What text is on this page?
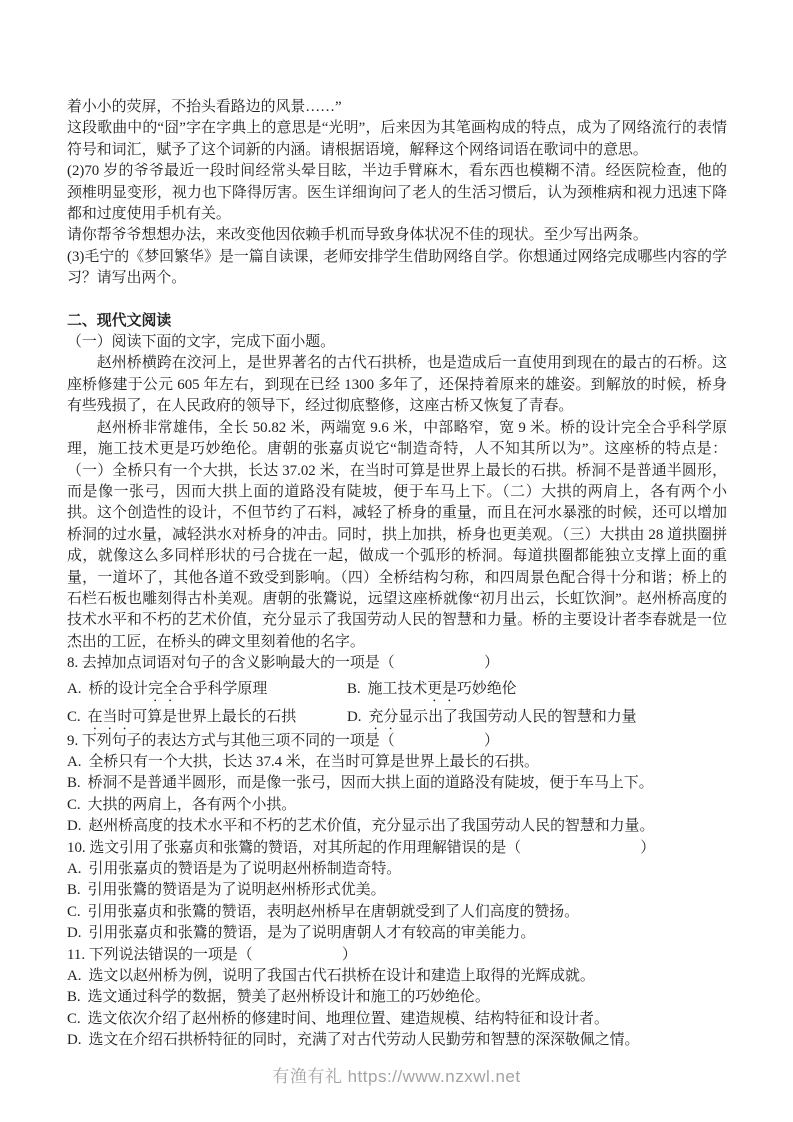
着小小的荧屏，不抬头看路边的风景……”

这段歌曲中的“囧”字在字典上的意思是“光明”，后来因为其笔画构成的特点，成为了网络流行的表情符号和词汇，赋予了这个词新的内涵。请根据语境，解释这个网络词语在歌词中的意思。

(2)70 岁的爷爷最近一段时间经常头晕目眩，半边手臂麻木，看东西也模糊不清。经医院检查，他的颈椎明显变形，视力也下降得厉害。医生详细询问了老人的生活习惯后，认为颈椎病和视力迅速下降都和过度使用手机有关。

请你帮爷爷想想办法，来改变他因依赖手机而导致身体状况不佳的现状。至少写出两条。

(3)毛宁的《梦回繁华》是一篇自读课，老师安排学生借助网络自学。你想通过网络完成哪些内容的学习？请写出两个。

二、现代文阅读

（一）阅读下面的文字，完成下面小题。

赵州桥横跨在洨河上，是世界著名的古代石拱桥，也是造成后一直使用到现在的最古的石桥。这座桥修建于公元 605 年左右，到现在已经 1300 多年了，还保持着原来的雄姿。到解放的时候，桥身有些残损了，在人民政府的领导下，经过彻底整修，这座古桥又恢复了青春。

赵州桥非常雄伟，全长 50.82 米，两端宽 9.6 米，中部略窄，宽 9 米。桥的设计完全合乎科学原理，施工技术更是巧妙绝伦。唐朝的张嘉贞说它“制造奇特，人不知其所以为”。这座桥的特点是：（一）全桥只有一个大拱，长达 37.02 米，在当时可算是世界上最长的石拱。桥洞不是普通半圆形，而是像一张弓，因而大拱上面的道路没有陡坡，便于车马上下。（二）大拱的两肩上，各有两个小拱。这个创造性的设计，不但节约了石料，减轻了桥身的重量，而且在河水暴涨的时候，还可以增加桥洞的过水量，减轻洪水对桥身的冲击。同时，拱上加拱，桥身也更美观。（三）大拱由 28 道拱圈拼成，就像这么多同样形状的弓合拢在一起，做成一个弧形的桥洞。每道拱圈都能独立支撑上面的重量，一道坏了，其他各道不致受到影响。（四）全桥结构匀称，和四周景色配合得十分和谐；桥上的石栏石板也雕刻得古朴美观。唐朝的张鷟说，远望这座桥就像“初月出云，长虹饮涧”。赵州桥高度的技术水平和不朽的艺术价值，充分显示了我国劳动人民的智慧和力量。桥的主要设计者李春就是一位杰出的工匠，在桥头的碑文里刻着他的名字。

8. 去掉加点词语对句子的含义影响最大的一项是（　　　　　　）

A. 桥的设计完全合乎科学原理	B. 施工技术更是巧妙绝伦
C. 在当时可算是世界上最长的石拱	D. 充分显示出了我国劳动人民的智慧和力量

9. 下列句子的表达方式与其他三项不同的一项是（　　　　　　）

A. 全桥只有一个大拱，长达 37.4 米，在当时可算是世界上最长的石拱。

B. 桥洞不是普通半圆形，而是像一张弓，因而大拱上面的道路没有陡坡，便于车马上下。

C. 大拱的两肩上，各有两个小拱。

D. 赵州桥高度的技术水平和不朽的艺术价值，充分显示出了我国劳动人民的智慧和力量。

10. 选文引用了张嘉贞和张鷟的赞语，对其所起的作用理解错误的是（　　　　　　　　）

A. 引用张嘉贞的赞语是为了说明赵州桥制造奇特。

B. 引用张鷟的赞语是为了说明赵州桥形式优美。

C. 引用张嘉贞和张鷟的赞语，表明赵州桥早在唐朝就受到了人们高度的赞扬。

D. 引用张嘉贞和张鷟的赞语，是为了说明唐朝人才有较高的审美能力。

11. 下列说法错误的一项是（　　　　　　）

A. 选文以赵州桥为例，说明了我国古代石拱桥在设计和建造上取得的光辉成就。

B. 选文通过科学的数据，赞美了赵州桥设计和施工的巧妙绝伦。

C. 选文依次介绍了赵州桥的修建时间、地理位置、建造规模、结构特征和设计者。

D. 选文在介绍石拱桥特征的同时，充满了对古代劳动人民勤劳和智慧的深深敬佩之情。

有渔有礼 https://www.nzxwl.net
